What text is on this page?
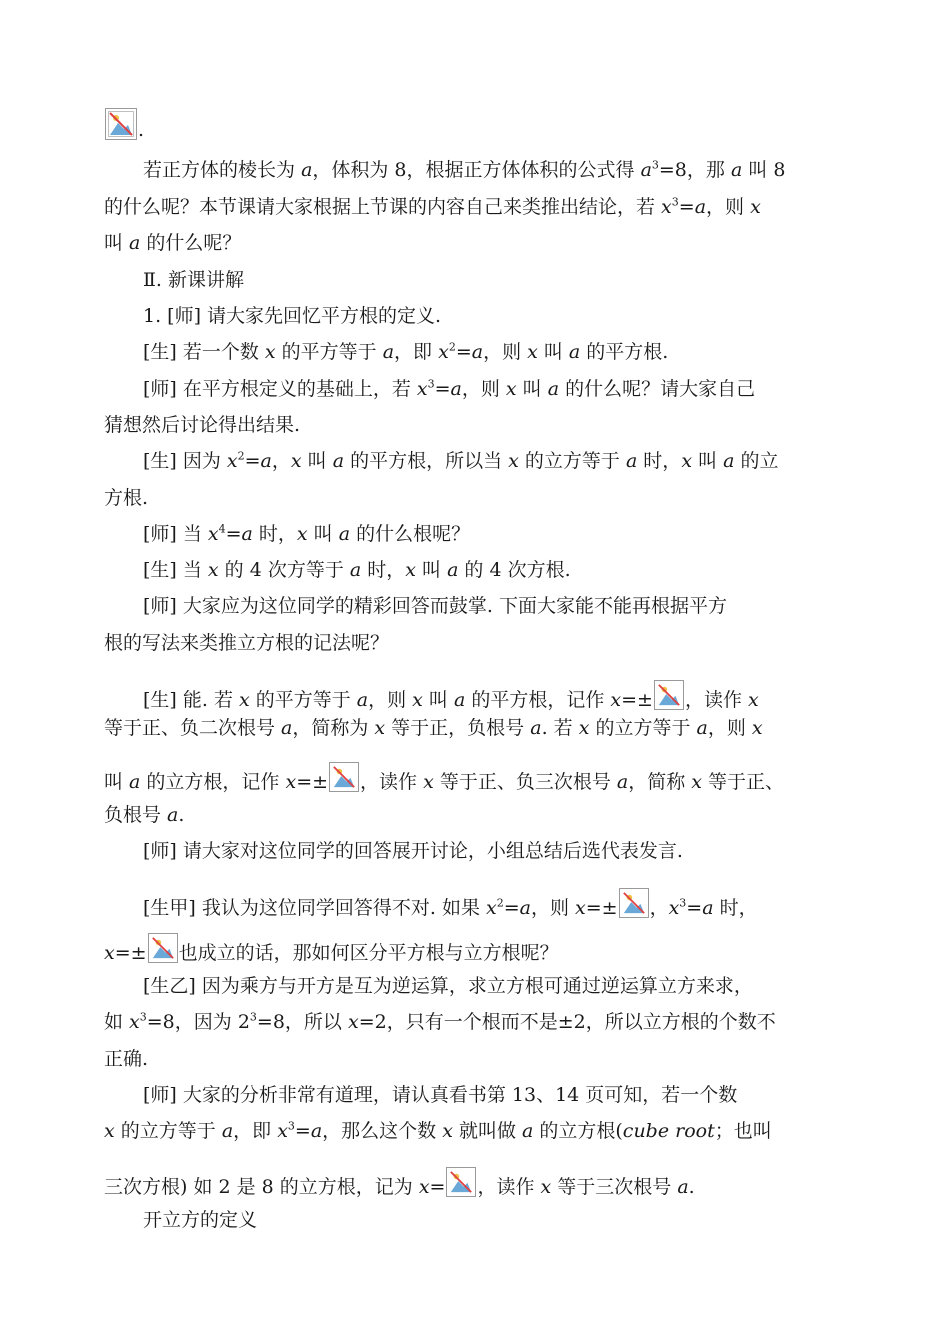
.
若正方体的棱长为 a，体积为 8，根据正方体体积的公式得 $a^3=8$，那 a 叫 8
的什么呢？本节课请大家根据上节课的内容自己来类推出结论，若 $x^3=a$，则 x
叫 a 的什么呢？
Ⅱ. 新课讲解
1. [师] 请大家先回忆平方根的定义.
[生] 若一个数 x 的平方等于 a，即 $x^2=a$，则 x 叫 a 的平方根.
[师] 在平方根定义的基础上，若 $x^3=a$，则 x 叫 a 的什么呢？请大家自己
猜想然后讨论得出结果.
[生] 因为 $x^2=a$，x 叫 a 的平方根，所以当 x 的立方等于 a 时，x 叫 a 的立
方根.
[师] 当 $x^4=a$ 时，x 叫 a 的什么根呢？
[生] 当 x 的 4 次方等于 a 时，x 叫 a 的 4 次方根.
[师] 大家应为这位同学的精彩回答而鼓掌. 下面大家能不能再根据平方
根的写法来类推立方根的记法呢？
[生] 能. 若 x 的平方等于 a，则 x 叫 a 的平方根，记作 x=± ，读作 x
等于正、负二次根号 a，简称为 x 等于正，负根号 a. 若 x 的立方等于 a，则 x
叫 a 的立方根，记作 x=± ，读作 x 等于正、负三次根号 a，简称 x 等于正、
负根号 a.
[师] 请大家对这位同学的回答展开讨论，小组总结后选代表发言.
[生甲] 我认为这位同学回答得不对. 如果 $x^2=a$，则 x=± ，$x^3=a$ 时，
x=± 也成立的话，那如何区分平方根与立方根呢？
[生乙] 因为乘方与开方是互为逆运算，求立方根可通过逆运算立方来求，
如 $x^3=8$，因为 $2^3=8$，所以 x=2，只有一个根而不是±2，所以立方根的个数不
正确.
[师] 大家的分析非常有道理，请认真看书第 13、14 页可知，若一个数
x 的立方等于 a，即 $x^3=a$，那么这个数 x 就叫做 a 的立方根(cube root；也叫
三次方根) 如 2 是 8 的立方根，记为 x= ，读作 x 等于三次根号 a.
开立方的定义
